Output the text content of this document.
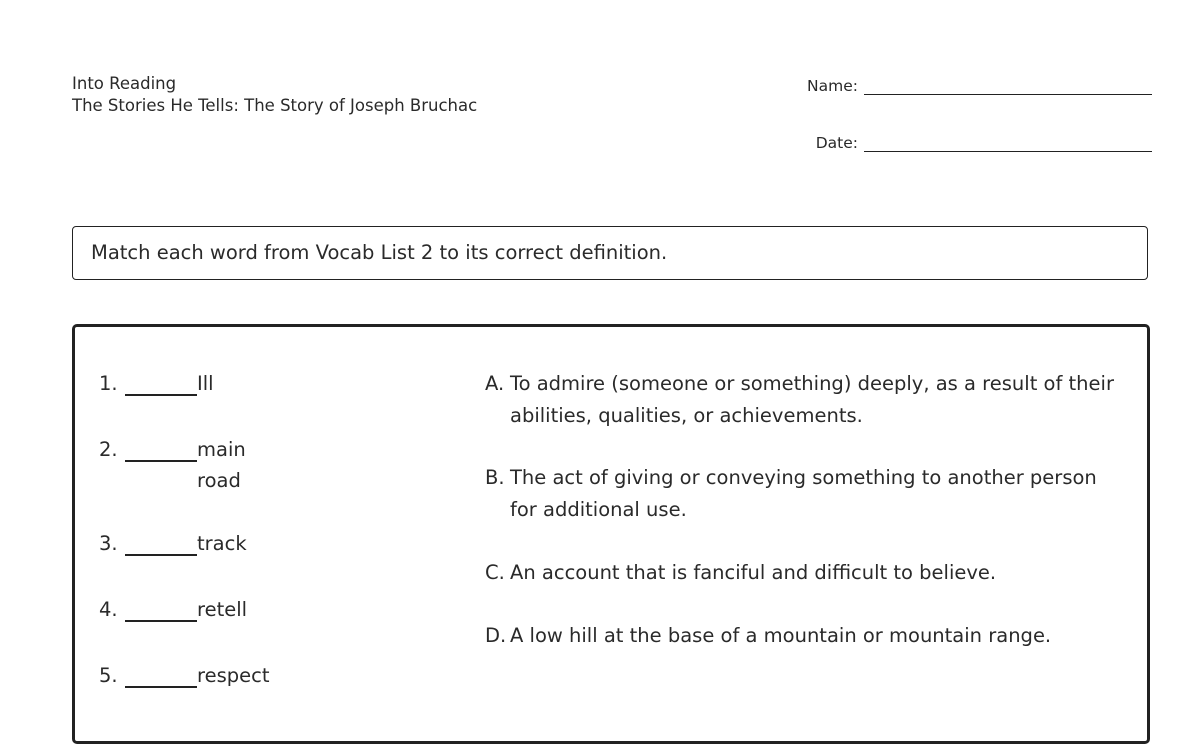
Into Reading
The Stories He Tells: The Story of Joseph Bruchac
Name:
Date:
Match each word from Vocab List 2 to its correct definition.
1.	Ill
2.	main road
3.	track
4.	retell
5.	respect
A. To admire (someone or something) deeply, as a result of their abilities, qualities, or achievements.
B. The act of giving or conveying something to another person for additional use.
C. An account that is fanciful and difficult to believe.
D. A low hill at the base of a mountain or mountain range.
